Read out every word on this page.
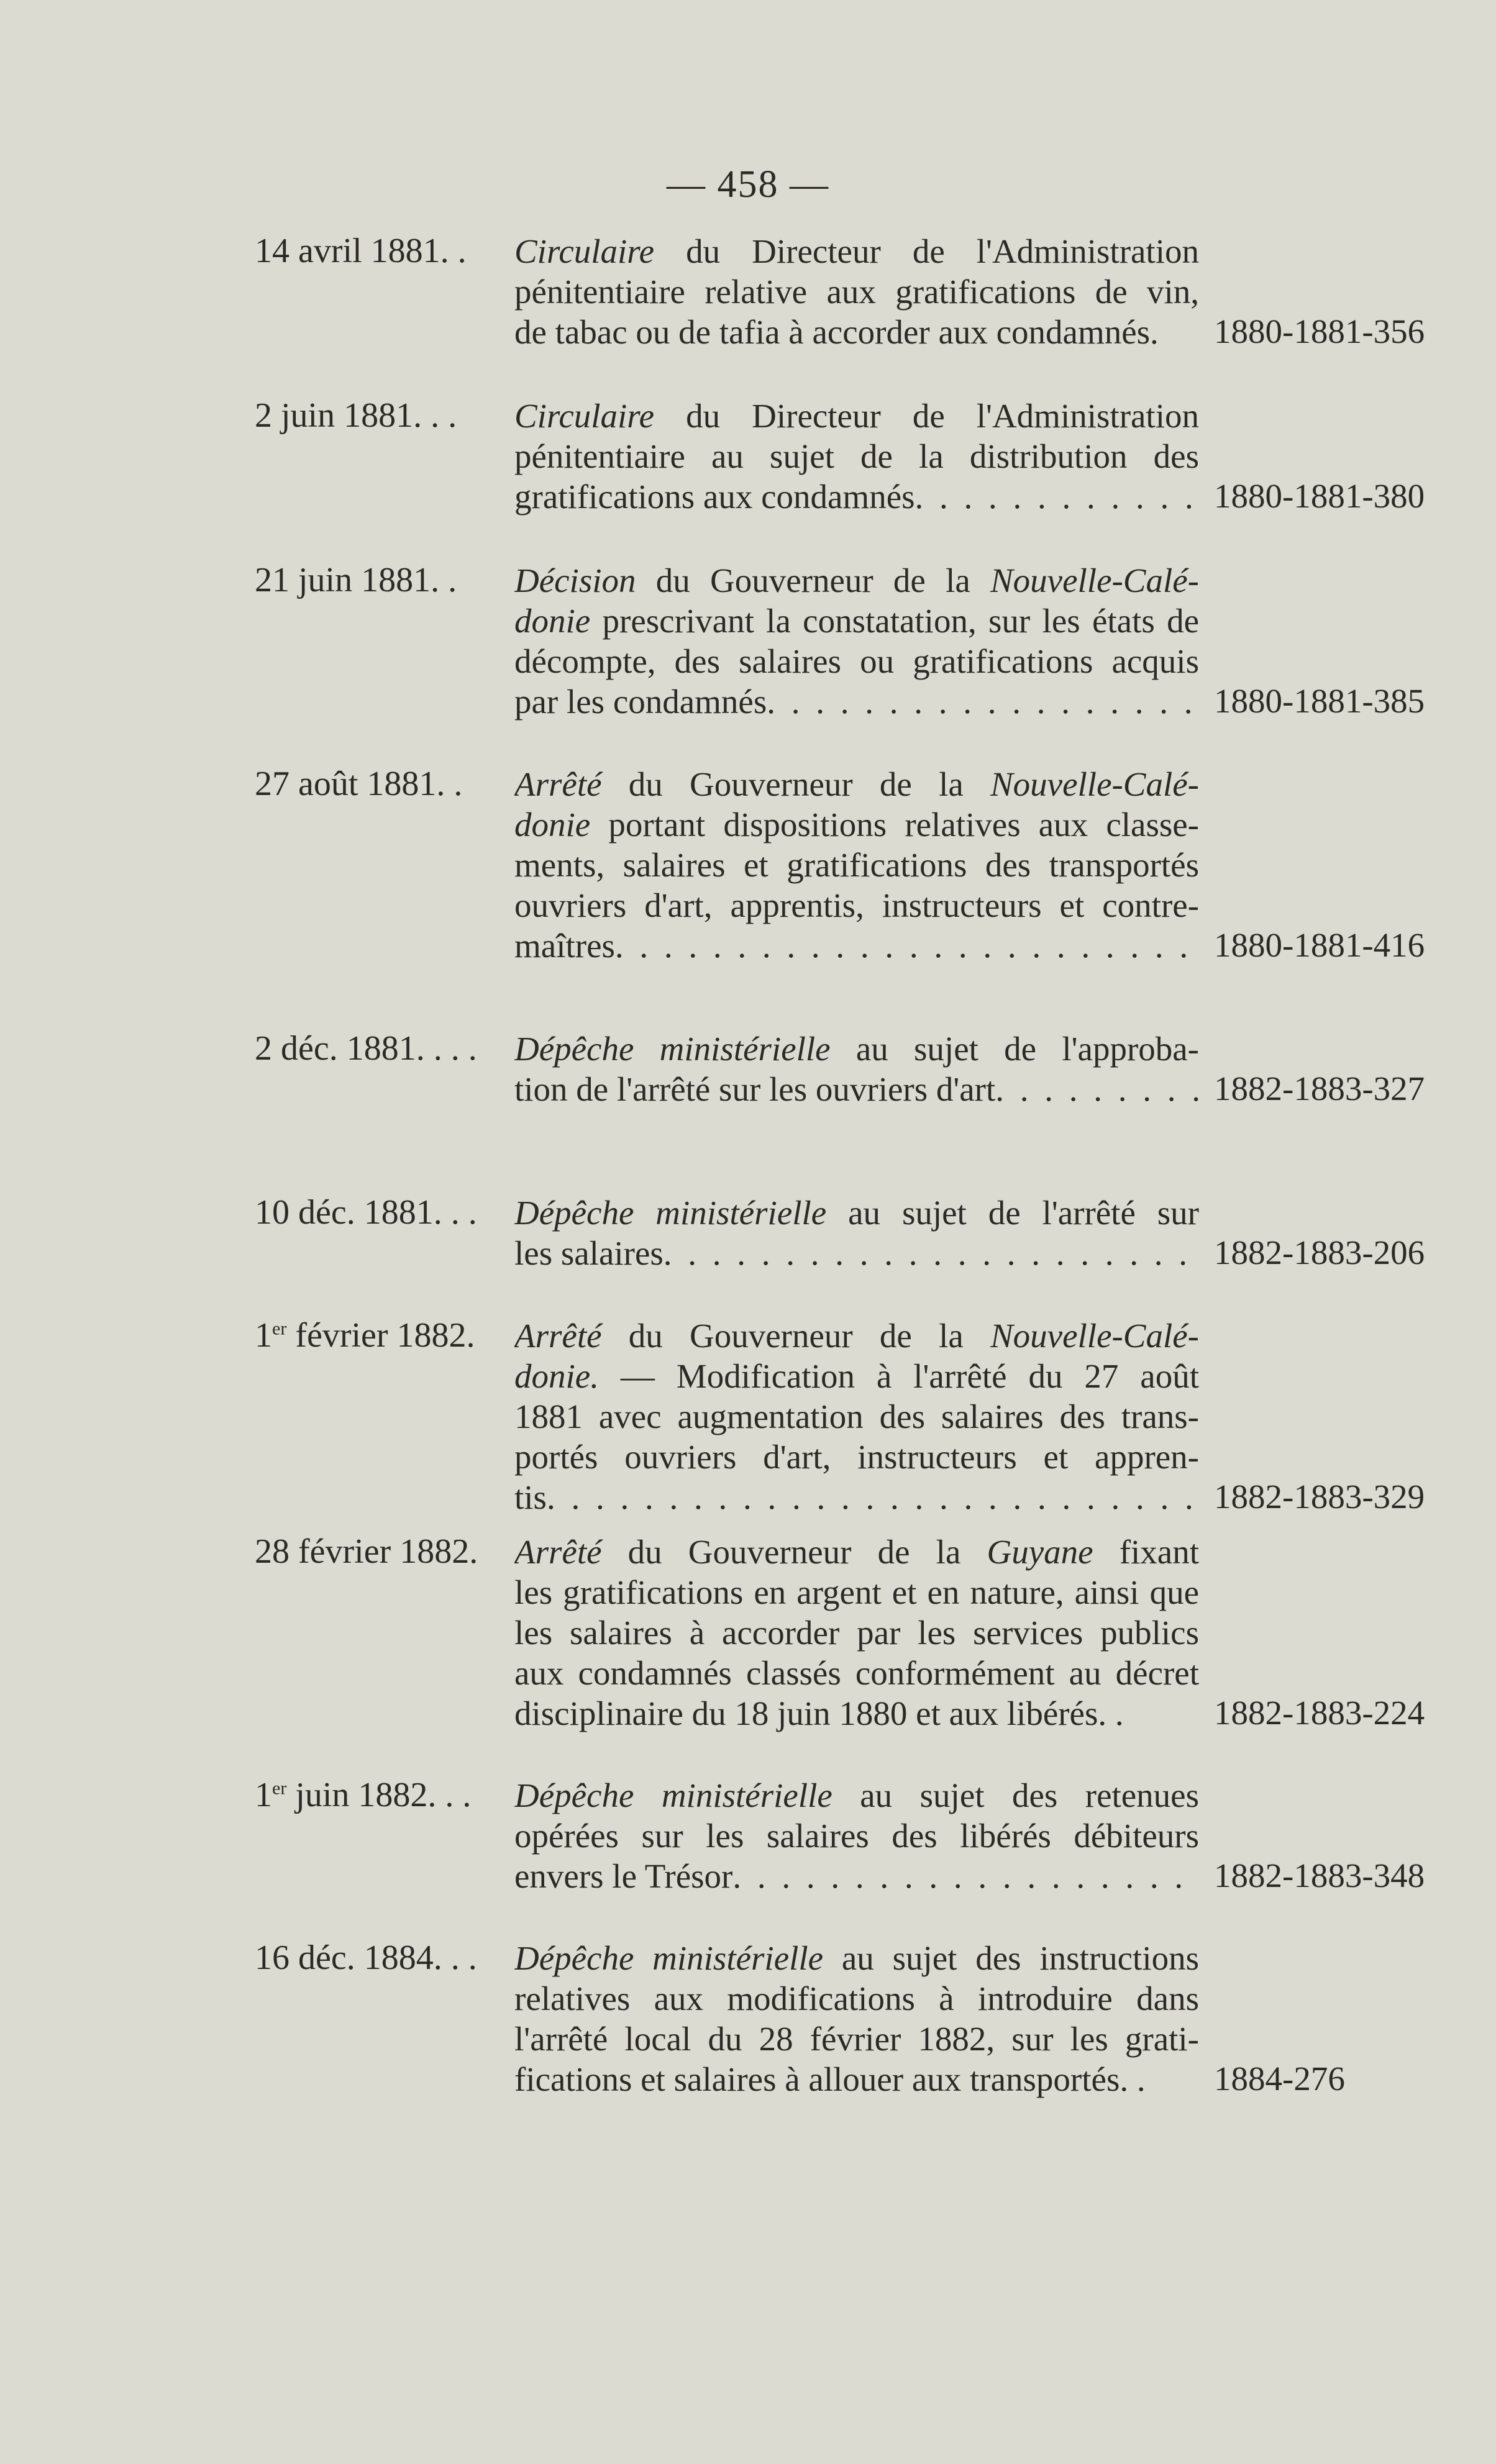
— 458 —
14 avril 1881. . Circulaire du Directeur de l'Administration
pénitentiaire relative aux gratifications de vin,
de tabac ou de tafia à accorder aux condamnés.	1880-1881-356
2 juin 1881. . . Circulaire du Directeur de l'Administration
pénitentiaire au sujet de la distribution des
gratifications aux condamnés . . .	1880-1881-380
21 juin 1881. . Décision du Gouverneur de la Nouvelle-Calé-
donie prescrivant la constatation, sur les états de
décompte, des salaires ou gratifications acquis
par les condamnés . . .	1880-1881-385
27 août 1881. . Arrêté du Gouverneur de la Nouvelle-Calé-
donie portant dispositions relatives aux classe-
ments, salaires et gratifications des transportés
ouvriers d'art, apprentis, instructeurs et contre-
maîtres . . .	1880-1881-416
2 déc. 1881. . . . Dépêche ministérielle au sujet de l'approba-
tion de l'arrêté sur les ouvriers d'art . . .	1882-1883-327
10 déc. 1881. . . Dépêche ministérielle au sujet de l'arrêté sur
les salaires . . .	1882-1883-206
1er février 1882. Arrêté du Gouverneur de la Nouvelle-Calé-
donie. — Modification à l'arrêté du 27 août
1881 avec augmentation des salaires des trans-
portés ouvriers d'art, instructeurs et appren-
tis . . .	1882-1883-329
28 février 1882. Arrêté du Gouverneur de la Guyane fixant
les gratifications en argent et en nature, ainsi que
les salaires à accorder par les services publics
aux condamnés classés conformément au décret
disciplinaire du 18 juin 1880 et aux libérés. .	1882-1883-224
1er juin 1882. . . Dépêche ministérielle au sujet des retenues
opérées sur les salaires des libérés débiteurs
envers le Trésor . . .	1882-1883-348
16 déc. 1884. . . Dépêche ministérielle au sujet des instructions
relatives aux modifications à introduire dans
l'arrêté local du 28 février 1882, sur les grati-
fications et salaires à allouer aux transportés. .	1884-276
